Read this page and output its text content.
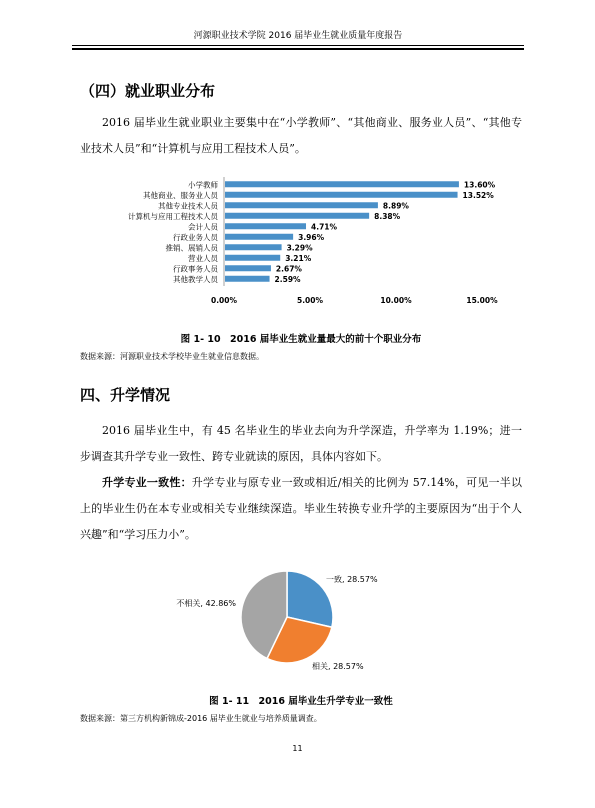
河源职业技术学院 2016 届毕业生就业质量年度报告
（四）就业职业分布

2016 届毕业生就业职业主要集中在“小学教师”、“其他商业、服务业人员”、“其他专业技术人员”和“计算机与应用工程技术人员”。

小学教师	13.60%
其他商业、服务业人员	13.52%
其他专业技术人员	8.89%
计算机与应用工程技术人员	8.38%
会计人员	4.71%
行政业务人员	3.96%
推销、展销人员	3.29%
营业人员	3.21%
行政事务人员	2.67%
其他教学人员	2.59%
0.00%	5.00%	10.00%	15.00%
图 1- 10　2016 届毕业生就业量最大的前十个职业分布
数据来源：河源职业技术学校毕业生就业信息数据。
四、升学情况

2016 届毕业生中，有 45 名毕业生的毕业去向为升学深造，升学率为 1.19%；进一步调查其升学专业一致性、跨专业就读的原因，具体内容如下。

升学专业一致性：升学专业与原专业一致或相近/相关的比例为 57.14%，可见一半以上的毕业生仍在本专业或相关专业继续深造。毕业生转换专业升学的主要原因为“出于个人兴趣”和“学习压力小”。

一致, 28.57%
相关, 28.57%
不相关, 42.86%
图 1- 11　2016 届毕业生升学专业一致性
数据来源：第三方机构新锦成-2016 届毕业生就业与培养质量调查。
11
